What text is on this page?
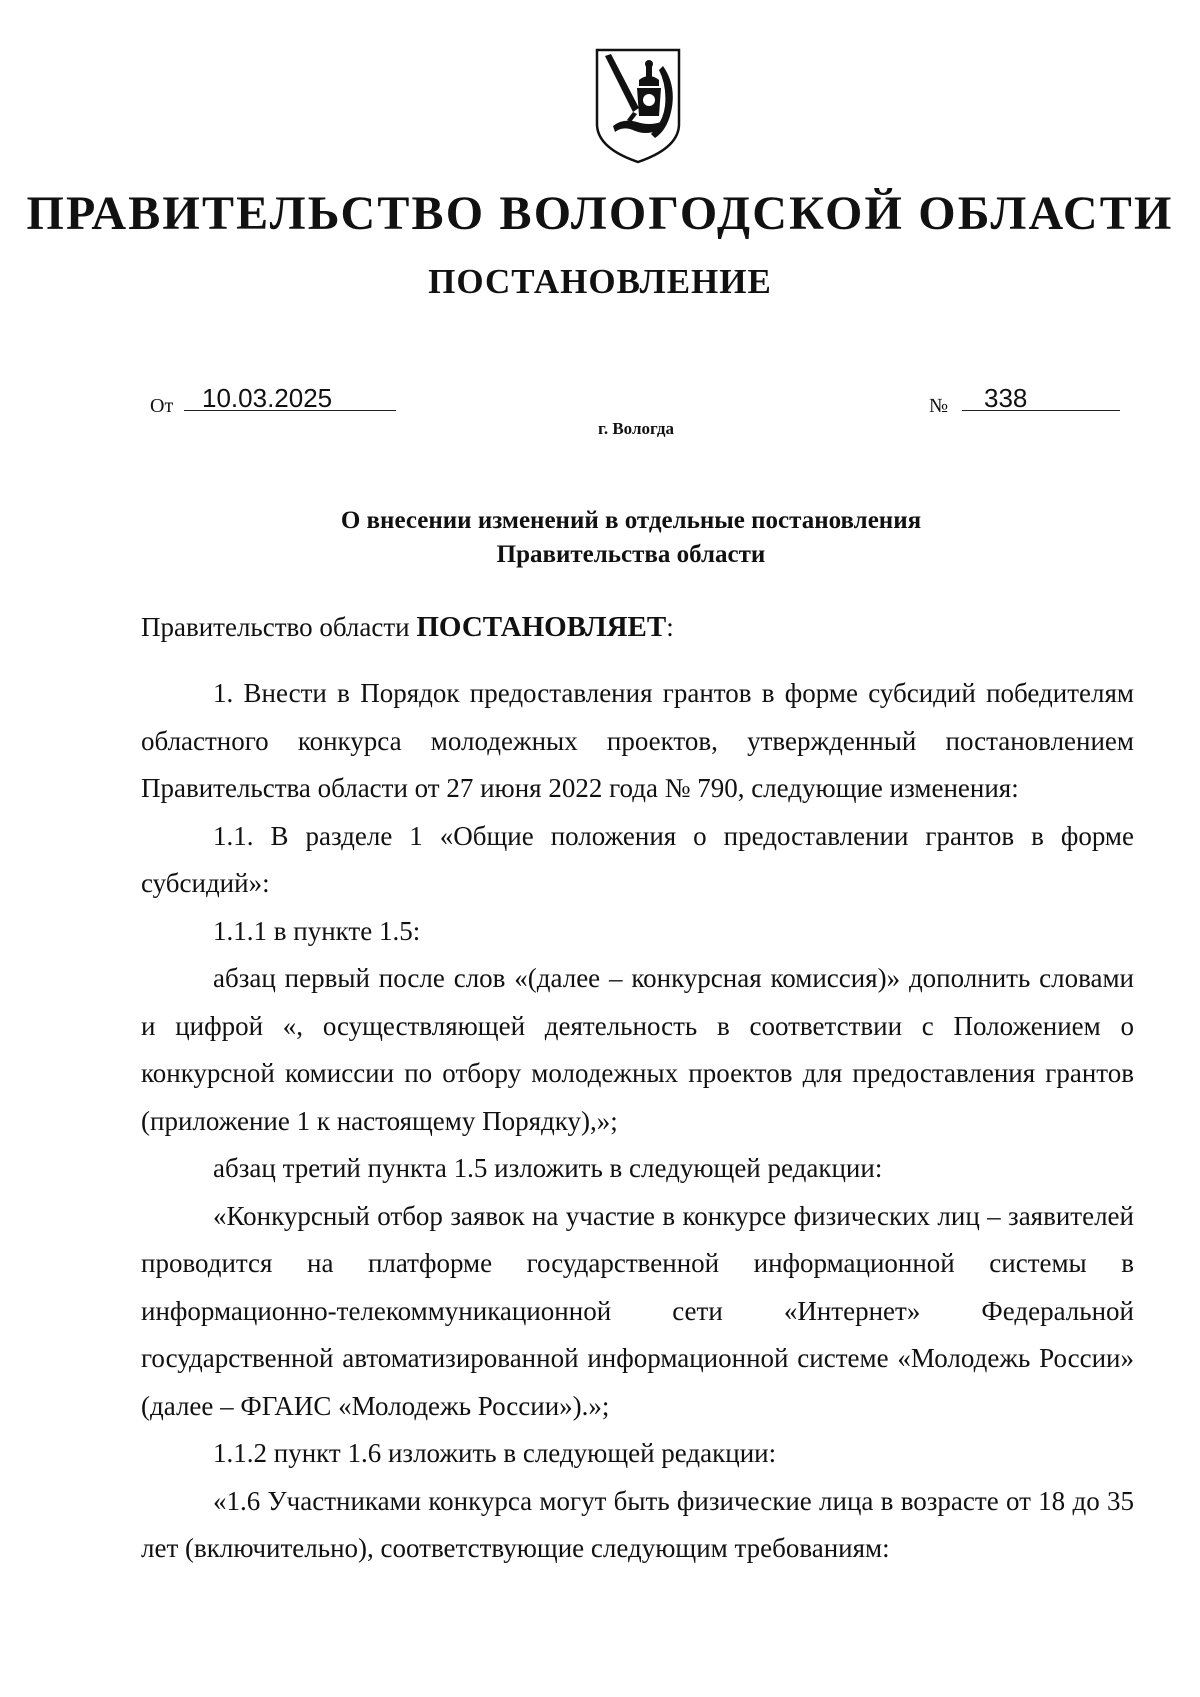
ПРАВИТЕЛЬСТВО ВОЛОГОДСКОЙ ОБЛАСТИ
ПОСТАНОВЛЕНИЕ
От 10.03.2025	№ 338
г. Вологда
О внесении изменений в отдельные постановления
Правительства области
Правительство области ПОСТАНОВЛЯЕТ:

1. Внести в Порядок предоставления грантов в форме субсидий победителям областного конкурса молодежных проектов, утвержденный постановлением Правительства области от 27 июня 2022 года № 790, следующие изменения:

1.1. В разделе 1 «Общие положения о предоставлении грантов в форме субсидий»:

1.1.1 в пункте 1.5:

абзац первый после слов «(далее – конкурсная комиссия)» дополнить словами и цифрой «, осуществляющей деятельность в соответствии с Положением о конкурсной комиссии по отбору молодежных проектов для предоставления грантов (приложение 1 к настоящему Порядку),»;

абзац третий пункта 1.5 изложить в следующей редакции:

«Конкурсный отбор заявок на участие в конкурсе физических лиц – заявителей проводится на платформе государственной информационной системы в информационно-телекоммуникационной сети «Интернет» Федеральной государственной автоматизированной информационной системе «Молодежь России» (далее – ФГАИС «Молодежь России»).»;

1.1.2 пункт 1.6 изложить в следующей редакции:

«1.6 Участниками конкурса могут быть физические лица в возрасте от 18 до 35 лет (включительно), соответствующие следующим требованиям:
